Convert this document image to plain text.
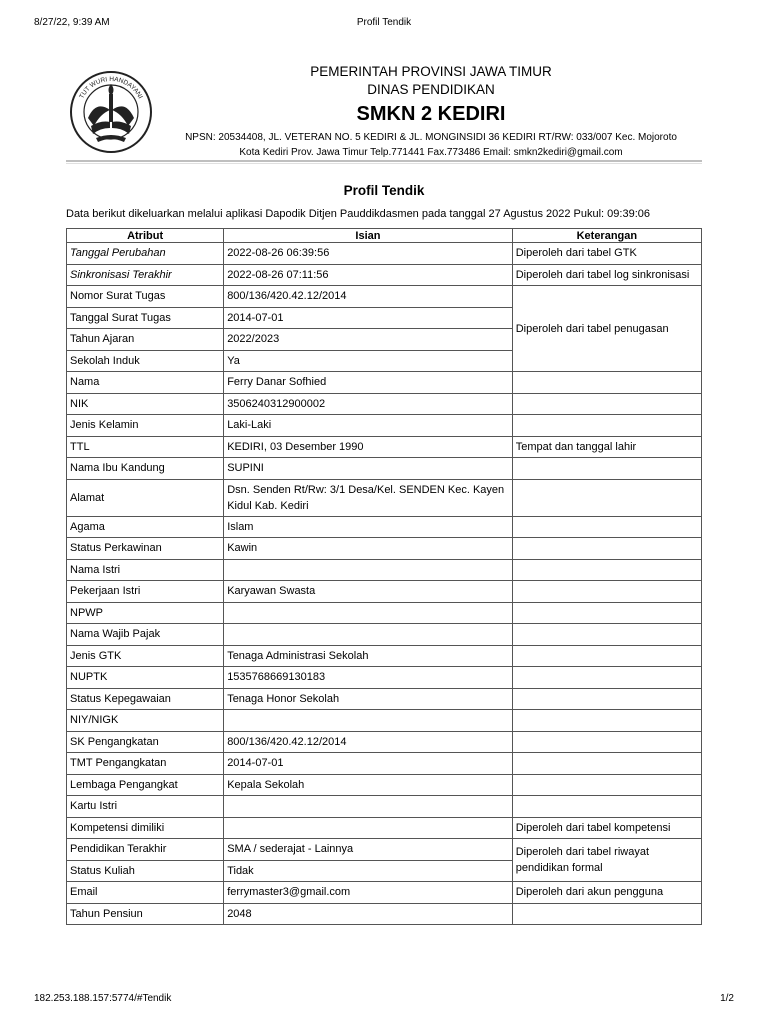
8/27/22, 9:39 AM	Profil Tendik
TUT WURI HANDAYANI
PEMERINTAH PROVINSI JAWA TIMUR
DINAS PENDIDIKAN
SMKN 2 KEDIRI
NPSN: 20534408, JL. VETERAN NO. 5 KEDIRI & JL. MONGINSIDI 36 KEDIRI RT/RW: 033/007 Kec. Mojoroto
Kota Kediri Prov. Jawa Timur Telp.771441 Fax.773486 Email: smkn2kediri@gmail.com
Profil Tendik
Data berikut dikeluarkan melalui aplikasi Dapodik Ditjen Pauddikdasmen pada tanggal 27 Agustus 2022 Pukul: 09:39:06
Atribut	Isian	Keterangan
Tanggal Perubahan	2022-08-26 06:39:56	Diperoleh dari tabel GTK
Sinkronisasi Terakhir	2022-08-26 07:11:56	Diperoleh dari tabel log sinkronisasi
Nomor Surat Tugas	800/136/420.42.12/2014	Diperoleh dari tabel penugasan
Tanggal Surat Tugas	2014-07-01	
Tahun Ajaran	2022/2023	
Sekolah Induk	Ya	
Nama	Ferry Danar Sofhied	
NIK	3506240312900002	
Jenis Kelamin	Laki-Laki	
TTL	KEDIRI, 03 Desember 1990	Tempat dan tanggal lahir
Nama Ibu Kandung	SUPINI	
Alamat	Dsn. Senden Rt/Rw: 3/1 Desa/Kel. SENDEN Kec. Kayen Kidul Kab. Kediri	
Agama	Islam	
Status Perkawinan	Kawin	
Nama Istri		
Pekerjaan Istri	Karyawan Swasta	
NPWP		
Nama Wajib Pajak		
Jenis GTK	Tenaga Administrasi Sekolah	
NUPTK	1535768669130183	
Status Kepegawaian	Tenaga Honor Sekolah	
NIY/NIGK		
SK Pengangkatan	800/136/420.42.12/2014	
TMT Pengangkatan	2014-07-01	
Lembaga Pengangkat	Kepala Sekolah	
Kartu Istri		
Kompetensi dimiliki		Diperoleh dari tabel kompetensi
Pendidikan Terakhir	SMA / sederajat - Lainnya	Diperoleh dari tabel riwayat pendidikan formal
Status Kuliah	Tidak	
Email	ferrymaster3@gmail.com	Diperoleh dari akun pengguna
Tahun Pensiun	2048	
182.253.188.157:5774/#Tendik	1/2
